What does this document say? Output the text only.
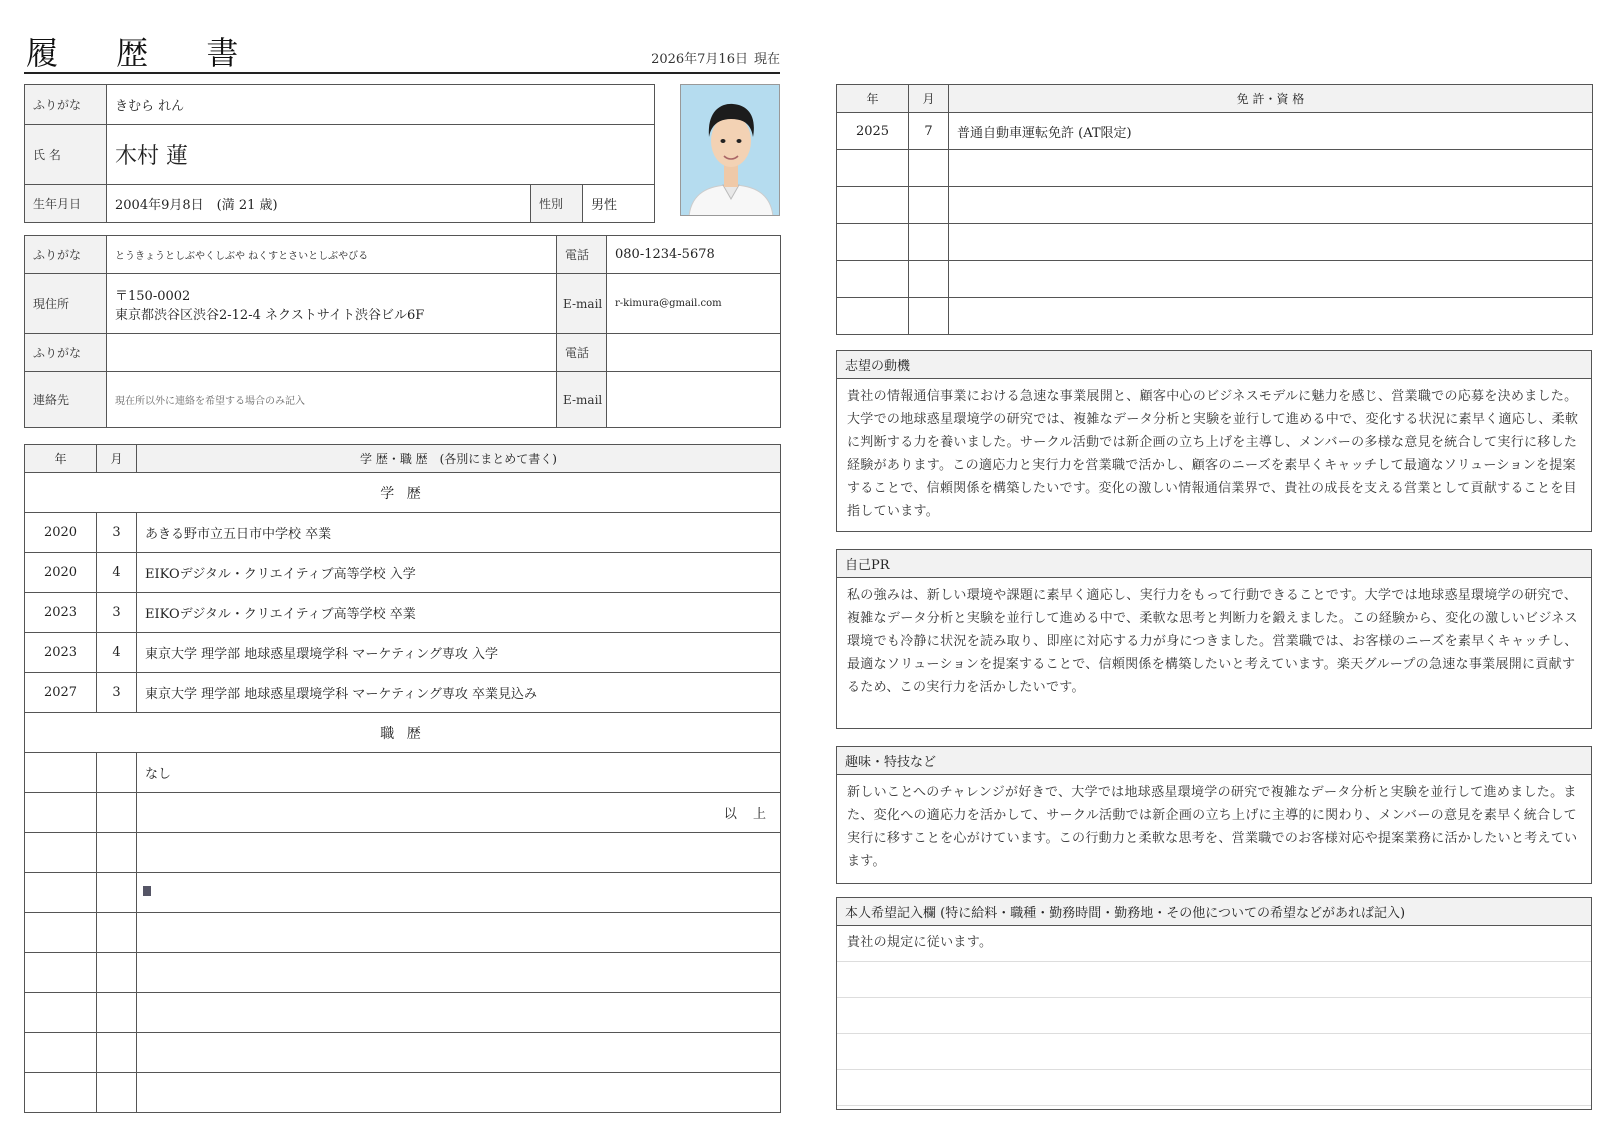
履 歴 書	2026年7月16日 現在
ふりがな	きむら れん		
氏 名	木村 蓮		
生年月日	2004年9月8日　(満 21 歳)	性別	男性
ふりがな	とうきょうとしぶやくしぶや ねくすとさいとしぶやびる	電話	080-1234-5678
現住所	〒150-0002
東京都渋谷区渋谷2-12-4 ネクストサイト渋谷ビル6F	E-mail	r-kimura@gmail.com
ふりがな		電話	
連絡先	現在所以外に連絡を希望する場合のみ記入	E-mail	
年	月	学 歴・職 歴　(各別にまとめて書く)
学 歴		
2020	3	あきる野市立五日市中学校 卒業
2020	4	EIKOデジタル・クリエイティブ高等学校 入学
2023	3	EIKOデジタル・クリエイティブ高等学校 卒業
2023	4	東京大学 理学部 地球惑星環境学科 マーケティング専攻 入学
2027	3	東京大学 理学部 地球惑星環境学科 マーケティング専攻 卒業見込み
職 歴		
		なし
		以 上

年	月	免 許・資 格
2025	7	普通自動車運転免許 (AT限定)

志望の動機
貴社の情報通信事業における急速な事業展開と、顧客中心のビジネスモデルに魅力を感じ、営業職での応募を決めました。大学での地球惑星環境学の研究では、複雑なデータ分析と実験を並行して進める中で、変化する状況に素早く適応し、柔軟に判断する力を養いました。サークル活動では新企画の立ち上げを主導し、メンバーの多様な意見を統合して実行に移した経験があります。この適応力と実行力を営業職で活かし、顧客のニーズを素早くキャッチして最適なソリューションを提案することで、信頼関係を構築したいです。変化の激しい情報通信業界で、貴社の成長を支える営業として貢献することを目指しています。
自己PR
私の強みは、新しい環境や課題に素早く適応し、実行力をもって行動できることです。大学では地球惑星環境学の研究で、複雑なデータ分析と実験を並行して進める中で、柔軟な思考と判断力を鍛えました。この経験から、変化の激しいビジネス環境でも冷静に状況を読み取り、即座に対応する力が身につきました。営業職では、お客様のニーズを素早くキャッチし、最適なソリューションを提案することで、信頼関係を構築したいと考えています。楽天グループの急速な事業展開に貢献するため、この実行力を活かしたいです。
趣味・特技など
新しいことへのチャレンジが好きで、大学では地球惑星環境学の研究で複雑なデータ分析と実験を並行して進めました。また、変化への適応力を活かして、サークル活動では新企画の立ち上げに主導的に関わり、メンバーの意見を素早く統合して実行に移すことを心がけています。この行動力と柔軟な思考を、営業職でのお客様対応や提案業務に活かしたいと考えています。
本人希望記入欄 (特に給料・職種・勤務時間・勤務地・その他についての希望などがあれば記入)
貴社の規定に従います。
